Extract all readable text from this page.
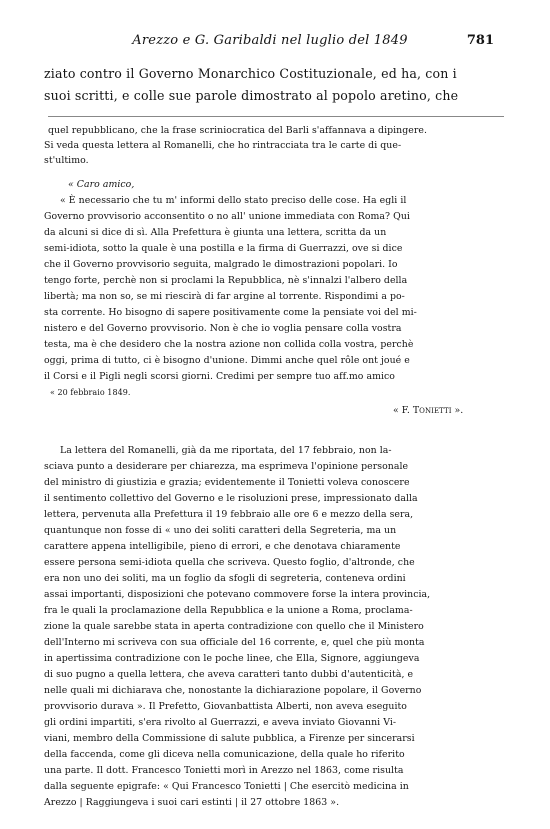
Arezzo e G. Garibaldi nel luglio del 1849	781
ziato contro il Governo Monarchico Costituzionale, ed ha, con i
suoi scritti, e colle sue parole dimostrato al popolo aretino, che
quel repubblicano, che la frase scriniocratica del Barli s'affannava a dipingere.
Si veda questa lettera al Romanelli, che ho rintracciata tra le carte di que-
st'ultimo.
« Caro amico,
« È necessario che tu m' informi dello stato preciso delle cose. Ha egli il
Governo provvisorio acconsentito o no all' unione immediata con Roma? Qui
da alcuni si dice di sì. Alla Prefettura è giunta una lettera, scritta da un
semi-idiota, sotto la quale è una postilla e la firma di Guerrazzi, ove si dice
che il Governo provvisorio seguita, malgrado le dimostrazioni popolari. Io
tengo forte, perchè non si proclami la Repubblica, nè s'innalzi l'albero della
libertà; ma non so, se mi riescirà di far argine al torrente. Rispondimi a po-
sta corrente. Ho bisogno di sapere positivamente come la pensiate voi del mi-
nistero e del Governo provvisorio. Non è che io voglia pensare colla vostra
testa, ma è che desidero che la nostra azione non collida colla vostra, perchè
oggi, prima di tutto, ci è bisogno d'unione. Dimmi anche quel rôle ont joué e
il Corsi e il Pigli negli scorsi giorni. Credimi per sempre tuo aff.mo amico
« 20 febbraio 1849.
« F. Tonietti ».
La lettera del Romanelli, già da me riportata, del 17 febbraio, non la-
sciava punto a desiderare per chiarezza, ma esprimeva l'opinione personale
del ministro di giustizia e grazia; evidentemente il Tonietti voleva conoscere
il sentimento collettivo del Governo e le risoluzioni prese, impressionato dalla
lettera, pervenuta alla Prefettura il 19 febbraio alle ore 6 e mezzo della sera,
quantunque non fosse di « uno dei soliti caratteri della Segreteria, ma un
carattere appena intelligibile, pieno di errori, e che denotava chiaramente
essere persona semi-idiota quella che scriveva. Questo foglio, d'altronde, che
era non uno dei soliti, ma un foglio da sfogli di segreteria, conteneva ordini
assai importanti, disposizioni che potevano commovere forse la intera provincia,
fra le quali la proclamazione della Repubblica e la unione a Roma, proclama-
zione la quale sarebbe stata in aperta contradizione con quello che il Ministero
dell'Interno mi scriveva con sua officiale del 16 corrente, e, quel che più monta
in apertissima contradizione con le poche linee, che Ella, Signore, aggiungeva
di suo pugno a quella lettera, che aveva caratteri tanto dubbi d'autenticità, e
nelle quali mi dichiarava che, nonostante la dichiarazione popolare, il Governo
provvisorio durava ». Il Prefetto, Giovanbattista Alberti, non aveva eseguito
gli ordini impartiti, s'era rivolto al Guerrazzi, e aveva inviato Giovanni Vi-
viani, membro della Commissione di salute pubblica, a Firenze per sincerarsi
della faccenda, come gli diceva nella comunicazione, della quale ho riferito
una parte. Il dott. Francesco Tonietti morì in Arezzo nel 1863, come risulta
dalla seguente epigrafe: « Qui Francesco Tonietti | Che esercitò medicina in
Arezzo | Raggiungeva i suoi cari estinti | il 27 ottobre 1863 ».
